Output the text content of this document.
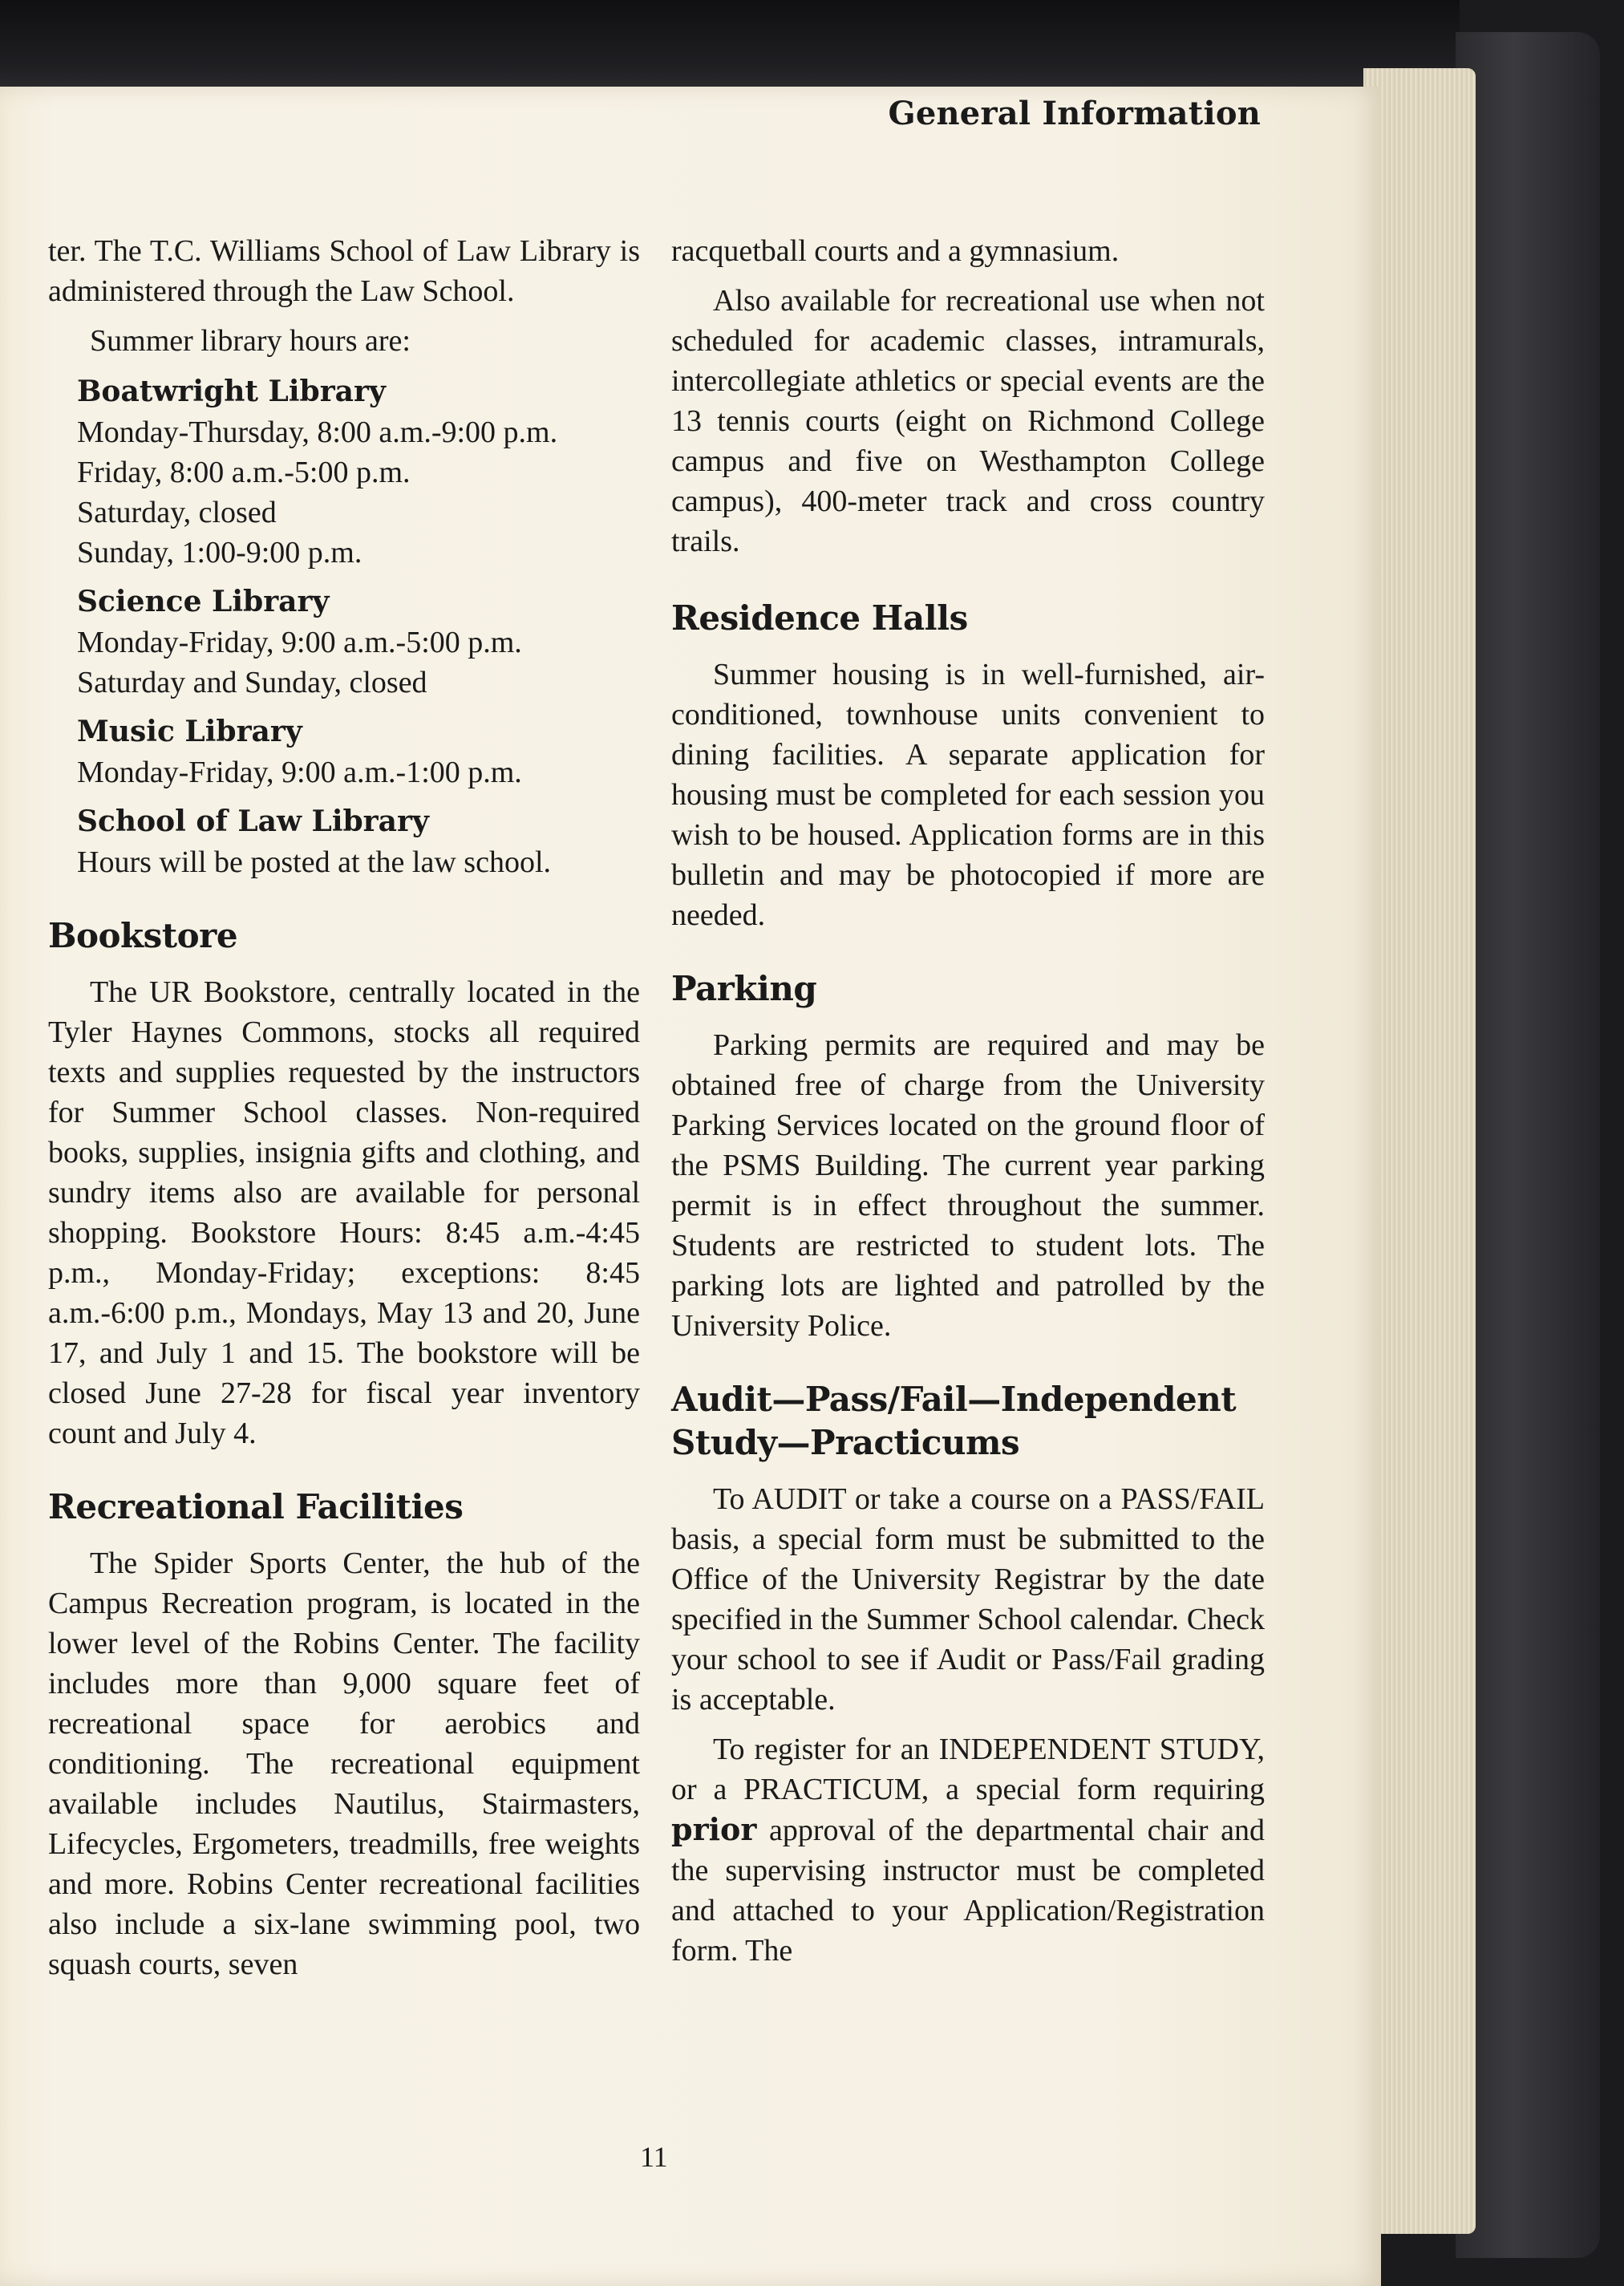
General Information

ter. The T.C. Williams School of Law Library is administered through the Law School.

Summer library hours are:

Boatwright Library
Monday-Thursday, 8:00 a.m.-9:00 p.m.
Friday, 8:00 a.m.-5:00 p.m.
Saturday, closed
Sunday, 1:00-9:00 p.m.

Science Library
Monday-Friday, 9:00 a.m.-5:00 p.m.
Saturday and Sunday, closed

Music Library
Monday-Friday, 9:00 a.m.-1:00 p.m.

School of Law Library
Hours will be posted at the law school.

Bookstore

The UR Bookstore, centrally located in the Tyler Haynes Commons, stocks all required texts and supplies requested by the instructors for Summer School classes. Non-required books, supplies, insignia gifts and clothing, and sundry items also are available for personal shopping. Bookstore Hours: 8:45 a.m.-4:45 p.m., Monday-Friday; exceptions: 8:45 a.m.-6:00 p.m., Mondays, May 13 and 20, June 17, and July 1 and 15. The bookstore will be closed June 27-28 for fiscal year inventory count and July 4.

Recreational Facilities

The Spider Sports Center, the hub of the Campus Recreation program, is located in the lower level of the Robins Center. The facility includes more than 9,000 square feet of recreational space for aerobics and conditioning. The recreational equipment available includes Nautilus, Stairmasters, Lifecycles, Ergometers, treadmills, free weights and more. Robins Center recreational facilities also include a six-lane swimming pool, two squash courts, seven

racquetball courts and a gymnasium.

Also available for recreational use when not scheduled for academic classes, intramurals, intercollegiate athletics or special events are the 13 tennis courts (eight on Richmond College campus and five on Westhampton College campus), 400-meter track and cross country trails.

Residence Halls

Summer housing is in well-furnished, air-conditioned, townhouse units convenient to dining facilities. A separate application for housing must be completed for each session you wish to be housed. Application forms are in this bulletin and may be photocopied if more are needed.

Parking

Parking permits are required and may be obtained free of charge from the University Parking Services located on the ground floor of the PSMS Building. The current year parking permit is in effect throughout the summer. Students are restricted to student lots. The parking lots are lighted and patrolled by the University Police.

Audit—Pass/Fail—Independent Study—Practicums

To AUDIT or take a course on a PASS/FAIL basis, a special form must be submitted to the Office of the University Registrar by the date specified in the Summer School calendar. Check your school to see if Audit or Pass/Fail grading is acceptable.

To register for an INDEPENDENT STUDY, or a PRACTICUM, a special form requiring prior approval of the departmental chair and the supervising instructor must be completed and attached to your Application/Registration form. The

11
